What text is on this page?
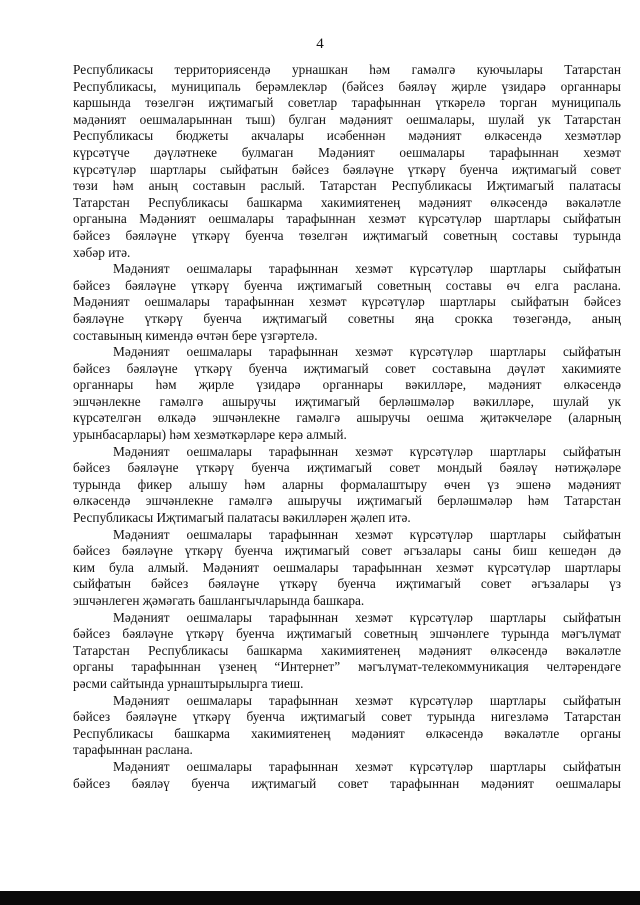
4

Республикасы территориясендә урнашкан һәм гамәлгә куючылары Татарстан
Республикасы, муниципаль берәмлекләр (бәйсез бәяләү җирле үзидарә органнары
каршында төзелгән иҗтимагый советлар тарафыннан үткәрелә торган муниципаль
мәдәният оешмаларыннан тыш) булган мәдәният оешмалары, шулай ук Татарстан
Республикасы бюджеты акчалары исәбеннән мәдәният өлкәсендә хезмәтләр
күрсәтүче дәүләтнеке булмаган Мәдәният оешмалары тарафыннан хезмәт
күрсәтүләр шартлары сыйфатын бәйсез бәяләүне үткәрү буенча иҗтимагый совет
төзи һәм аның составын раслый. Татарстан Республикасы Иҗтимагый палатасы
Татарстан Республикасы башкарма хакимиятенең мәдәният өлкәсендә вәкаләтле
органына Мәдәният оешмалары тарафыннан хезмәт күрсәтүләр шартлары сыйфатын
бәйсез бәяләүне үткәрү буенча төзелгән иҗтимагый советның составы турында
хәбәр итә.

Мәдәният оешмалары тарафыннан хезмәт күрсәтүләр шартлары сыйфатын
бәйсез бәяләүне үткәрү буенча иҗтимагый советның составы өч елга раслана.
Мәдәният оешмалары тарафыннан хезмәт күрсәтүләр шартлары сыйфатын бәйсез
бәяләүне үткәрү буенча иҗтимагый советны яңа срокка төзегәндә, аның
составының кимендә өчтән бере үзгәртелә.

Мәдәният оешмалары тарафыннан хезмәт күрсәтүләр шартлары сыйфатын
бәйсез бәяләүне үткәрү буенча иҗтимагый совет составына дәүләт хакимияте
органнары һәм җирле үзидарә органнары вәкилләре, мәдәният өлкәсендә
эшчәнлекне гамәлгә ашыручы иҗтимагый берләшмәләр вәкилләре, шулай ук
күрсәтелгән өлкәдә эшчәнлекне гамәлгә ашыручы оешма җитәкчеләре (аларның
урынбасарлары) һәм хезмәткәрләре керә алмый.

Мәдәният оешмалары тарафыннан хезмәт күрсәтүләр шартлары сыйфатын
бәйсез бәяләүне үткәрү буенча иҗтимагый совет мондый бәяләү нәтиҗәләре
турында фикер алышу һәм аларны формалаштыру өчен үз эшенә мәдәният
өлкәсендә эшчәнлекне гамәлгә ашыручы иҗтимагый берләшмәләр һәм Татарстан
Республикасы Иҗтимагый палатасы вәкилләрен җәлеп итә.

Мәдәният оешмалары тарафыннан хезмәт күрсәтүләр шартлары сыйфатын
бәйсез бәяләүне үткәрү буенча иҗтимагый совет әгъзалары саны биш кешедән дә
ким була алмый. Мәдәният оешмалары тарафыннан хезмәт күрсәтүләр шартлары
сыйфатын бәйсез бәяләүне үткәрү буенча иҗтимагый совет әгъзалары үз
эшчәнлеген җәмәгать башлангычларында башкара.

Мәдәният оешмалары тарафыннан хезмәт күрсәтүләр шартлары сыйфатын
бәйсез бәяләүне үткәрү буенча иҗтимагый советның эшчәнлеге турында мәгълүмат
Татарстан Республикасы башкарма хакимиятенең мәдәният өлкәсендә вәкаләтле
органы тарафыннан үзенең “Интернет” мәгълүмат-телекоммуникация челтәрендәге
рәсми сайтында урнаштырылырга тиеш.

Мәдәният оешмалары тарафыннан хезмәт күрсәтүләр шартлары сыйфатын
бәйсез бәяләүне үткәрү буенча иҗтимагый совет турында нигезләмә Татарстан
Республикасы башкарма хакимиятенең мәдәният өлкәсендә вәкаләтле органы
тарафыннан раслана.

Мәдәният оешмалары тарафыннан хезмәт күрсәтүләр шартлары сыйфатын
бәйсез бәяләү буенча иҗтимагый совет тарафыннан мәдәният оешмалары
